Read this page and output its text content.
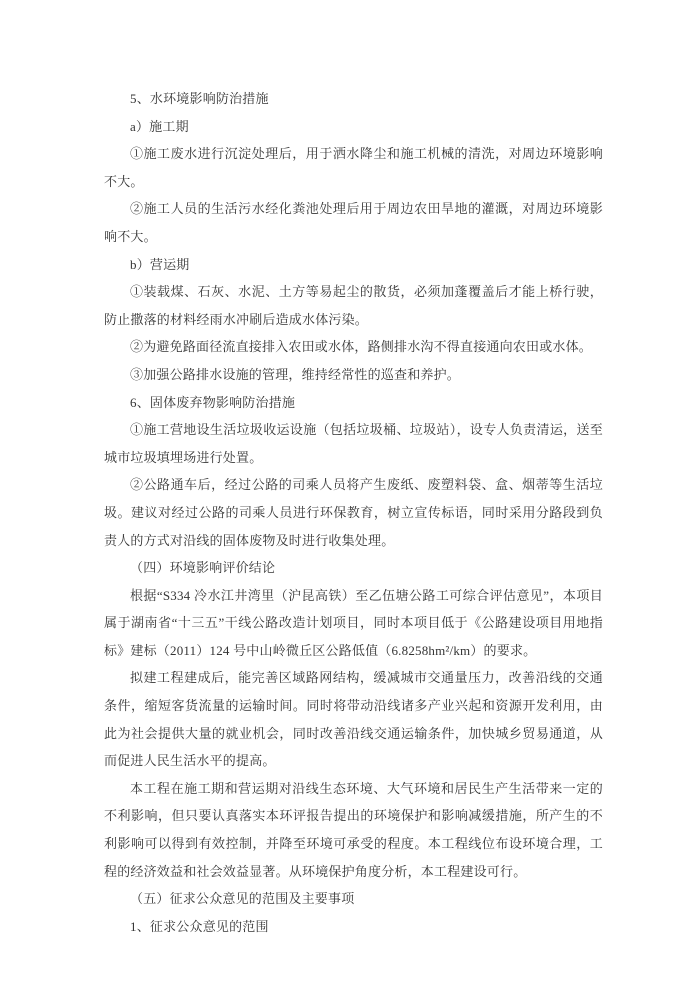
5、水环境影响防治措施

a）施工期

①施工废水进行沉淀处理后，用于洒水降尘和施工机械的清洗，对周边环境影响不大。

②施工人员的生活污水经化粪池处理后用于周边农田旱地的灌溉，对周边环境影响不大。

b）营运期

①装载煤、石灰、水泥、土方等易起尘的散货，必须加蓬覆盖后才能上桥行驶，防止撒落的材料经雨水冲刷后造成水体污染。

②为避免路面径流直接排入农田或水体，路侧排水沟不得直接通向农田或水体。

③加强公路排水设施的管理，维持经常性的巡查和养护。

6、固体废弃物影响防治措施

①施工营地设生活垃圾收运设施（包括垃圾桶、垃圾站），设专人负责清运，送至城市垃圾填埋场进行处置。

②公路通车后，经过公路的司乘人员将产生废纸、废塑料袋、盒、烟蒂等生活垃圾。建议对经过公路的司乘人员进行环保教育，树立宣传标语，同时采用分路段到负责人的方式对沿线的固体废物及时进行收集处理。

（四）环境影响评价结论

根据“S334 冷水江井湾里（沪昆高铁）至乙伍塘公路工可综合评估意见”，本项目属于湖南省“十三五”干线公路改造计划项目，同时本项目低于《公路建设项目用地指标》建标（2011）124 号中山岭微丘区公路低值（6.8258hm²/km）的要求。

拟建工程建成后，能完善区域路网结构，缓减城市交通量压力，改善沿线的交通条件，缩短客货流量的运输时间。同时将带动沿线诸多产业兴起和资源开发利用，由此为社会提供大量的就业机会，同时改善沿线交通运输条件，加快城乡贸易通道，从而促进人民生活水平的提高。

本工程在施工期和营运期对沿线生态环境、大气环境和居民生产生活带来一定的不利影响，但只要认真落实本环评报告提出的环境保护和影响减缓措施，所产生的不利影响可以得到有效控制，并降至环境可承受的程度。本工程线位布设环境合理，工程的经济效益和社会效益显著。从环境保护角度分析，本工程建设可行。

（五）征求公众意见的范围及主要事项

1、征求公众意见的范围
